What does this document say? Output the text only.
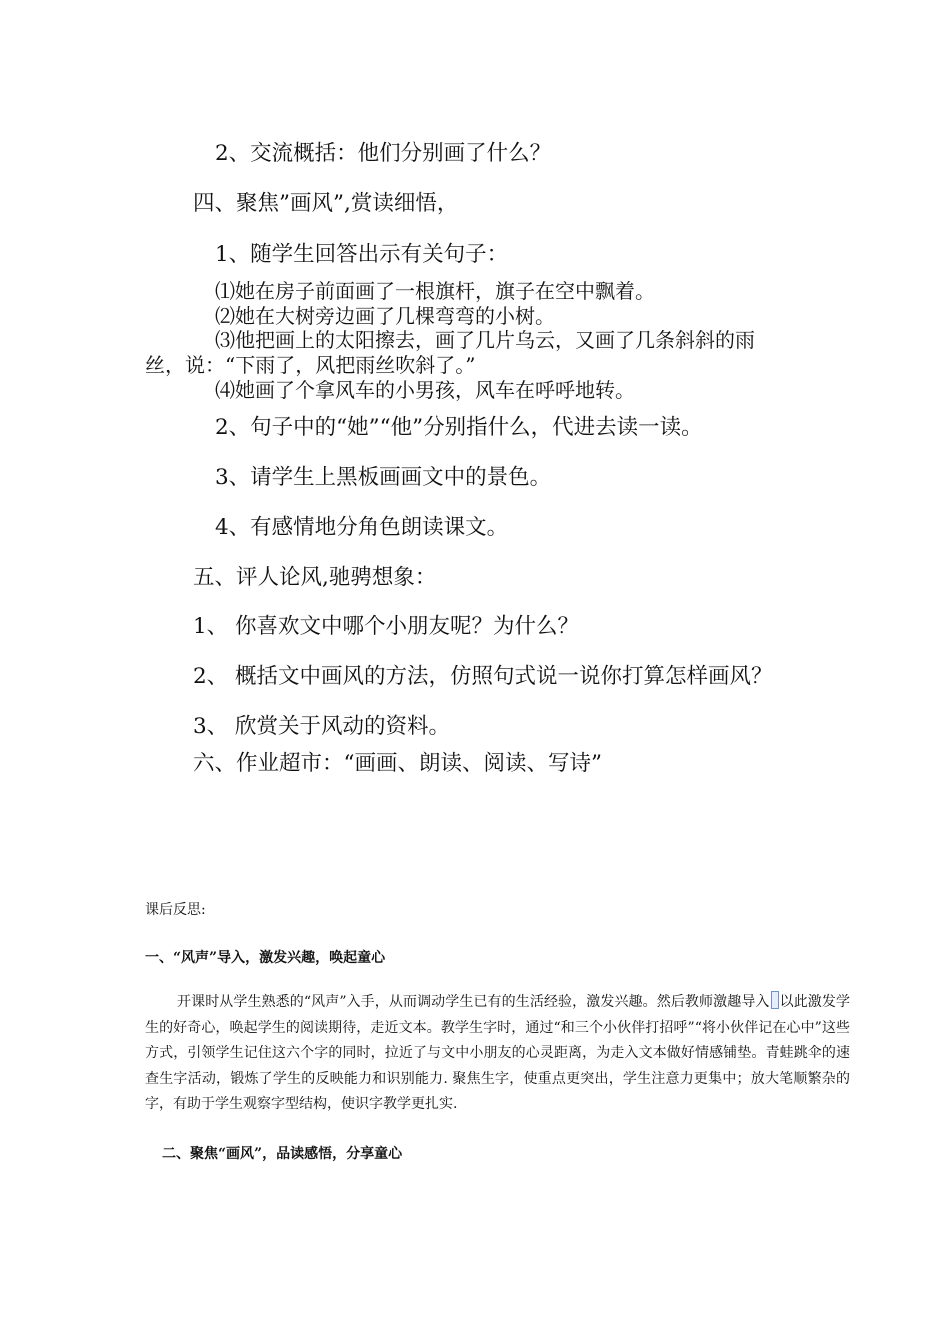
2、交流概括：他们分别画了什么？

四、聚焦”画风”,赏读细悟，

1、随学生回答出示有关句子：

⑴她在房子前面画了一根旗杆，旗子在空中飘着。

⑵她在大树旁边画了几棵弯弯的小树。

⑶他把画上的太阳擦去，画了几片乌云，又画了几条斜斜的雨

丝，说：“下雨了，风把雨丝吹斜了。”

⑷她画了个拿风车的小男孩，风车在呼呼地转。

2、句子中的“她”“他”分别指什么，代进去读一读。

3、请学生上黑板画画文中的景色。

4、有感情地分角色朗读课文。

五、评人论风,驰骋想象：

1、 你喜欢文中哪个小朋友呢？为什么？

2、 概括文中画风的方法，仿照句式说一说你打算怎样画风？

3、 欣赏关于风动的资料。

六、作业超市：“画画、朗读、阅读、写诗”

课后反思:

一、“风声”导入，激发兴趣，唤起童心

开课时从学生熟悉的“风声”入手，从而调动学生已有的生活经验，激发兴趣。然后教师激趣导入 以此激发学生的好奇心，唤起学生的阅读期待，走近文本。教学生字时，通过“和三个小伙伴打招呼”“将小伙伴记在心中”这些方式，引领学生记住这六个字的同时，拉近了与文中小朋友的心灵距离，为走入文本做好情感铺垫。青蛙跳伞的速查生字活动，锻炼了学生的反映能力和识别能力. 聚焦生字，使重点更突出，学生注意力更集中；放大笔顺繁杂的字，有助于学生观察字型结构，使识字教学更扎实.

二、聚焦“画风”，品读感悟，分享童心
